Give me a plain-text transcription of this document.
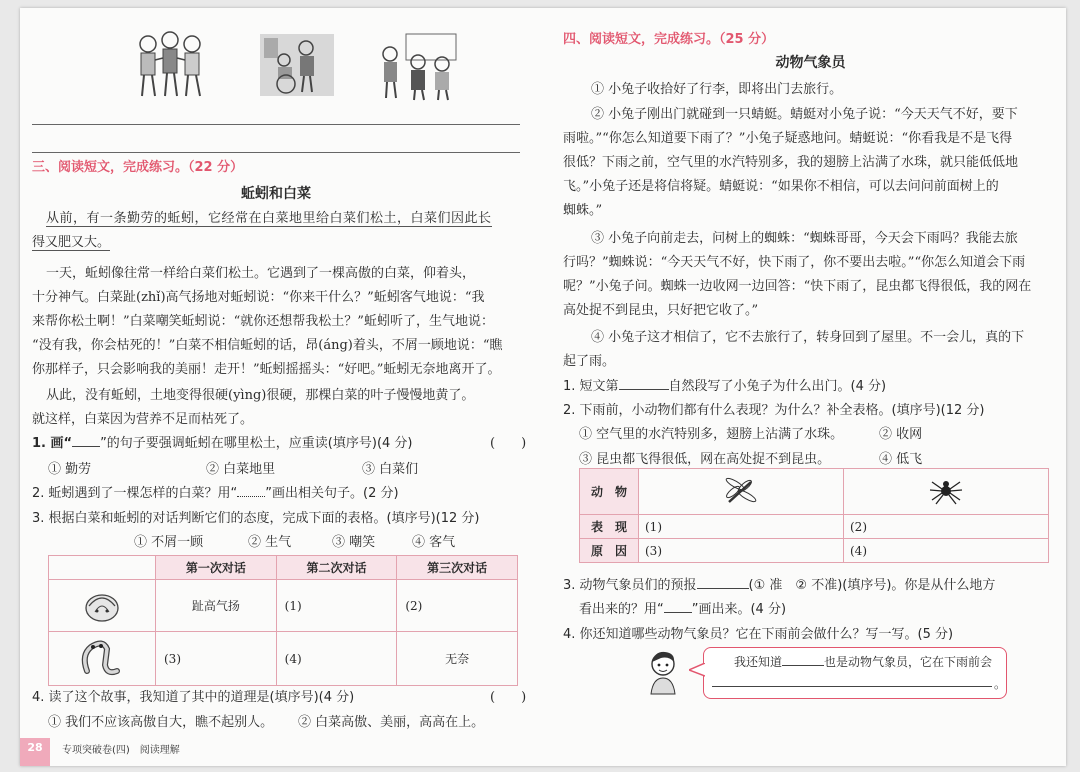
三、阅读短文，完成练习。（22 分）
蚯蚓和白菜
从前，有一条勤劳的蚯蚓，它经常在白菜地里给白菜们松土，白菜们因此长
得又肥又大。
一天，蚯蚓像往常一样给白菜们松土。它遇到了一棵高傲的白菜，仰着头，
十分神气。白菜趾(zhǐ)高气扬地对蚯蚓说：“你来干什么？”蚯蚓客气地说：“我
来帮你松土啊！”白菜嘲笑蚯蚓说：“就你还想帮我松土？”蚯蚓听了，生气地说：
“没有我，你会枯死的！”白菜不相信蚯蚓的话，昂(áng)着头，不屑一顾地说：“瞧
你那样子，只会影响我的美丽！走开！”蚯蚓摇摇头：“好吧。”蚯蚓无奈地离开了。
从此，没有蚯蚓，土地变得很硬(yìng)很硬，那棵白菜的叶子慢慢地黄了。
就这样，白菜因为营养不足而枯死了。
1. 画“ ”的句子要强调蚯蚓在哪里松土，应重读(填序号)(4 分)	(　　)
① 勤劳	② 白菜地里	③ 白菜们
2. 蚯蚓遇到了一棵怎样的白菜？用“ ”画出相关句子。(2 分)
3. 根据白菜和蚯蚓的对话判断它们的态度，完成下面的表格。(填序号)(12 分)
① 不屑一顾	② 生气	③ 嘲笑	④ 客气
	第一次对话	第二次对话	第三次对话
	趾高气扬	(1)	(2)
	(3)	(4)	无奈
4. 读了这个故事，我知道了其中的道理是(填序号)(4 分)	(　　)
① 我们不应该高傲自大，瞧不起别人。 ② 白菜高傲、美丽，高高在上。
28	专项突破卷(四)　阅读理解
四、阅读短文，完成练习。（25 分）
动物气象员
① 小兔子收拾好了行李，即将出门去旅行。
② 小兔子刚出门就碰到一只蜻蜓。蜻蜓对小兔子说：“今天天气不好，要下
雨啦。”“你怎么知道要下雨了？”小兔子疑惑地问。蜻蜓说：“你看我是不是飞得
很低？下雨之前，空气里的水汽特别多，我的翅膀上沾满了水珠，就只能低低地
飞。”小兔子还是将信将疑。蜻蜓说：“如果你不相信，可以去问问前面树上的
蜘蛛。”
③ 小兔子向前走去，问树上的蜘蛛：“蜘蛛哥哥，今天会下雨吗？我能去旅
行吗？”蜘蛛说：“今天天气不好，快下雨了，你不要出去啦。”“你怎么知道会下雨
呢？”小兔子问。蜘蛛一边收网一边回答：“快下雨了，昆虫都飞得很低，我的网在
高处捉不到昆虫，只好把它收了。”
④ 小兔子这才相信了，它不去旅行了，转身回到了屋里。不一会儿，真的下
起了雨。
1. 短文第	自然段写了小兔子为什么出门。(4 分)
2. 下雨前，小动物们都有什么表现？为什么？补全表格。(填序号)(12 分)
① 空气里的水汽特别多，翅膀上沾满了水珠。	② 收网
③ 昆虫都飞得很低，网在高处捉不到昆虫。	④ 低飞
动　物		
表　现	(1)	(2)
原　因	(3)	(4)
3. 动物气象员们的预报	(① 准　② 不准)(填序号)。你是从什么地方
看出来的？用“ ”画出来。(4 分)
4. 你还知道哪些动物气象员？它在下雨前会做什么？写一写。(5 分)
我还知道	也是动物气象员，它在下雨前会
。
